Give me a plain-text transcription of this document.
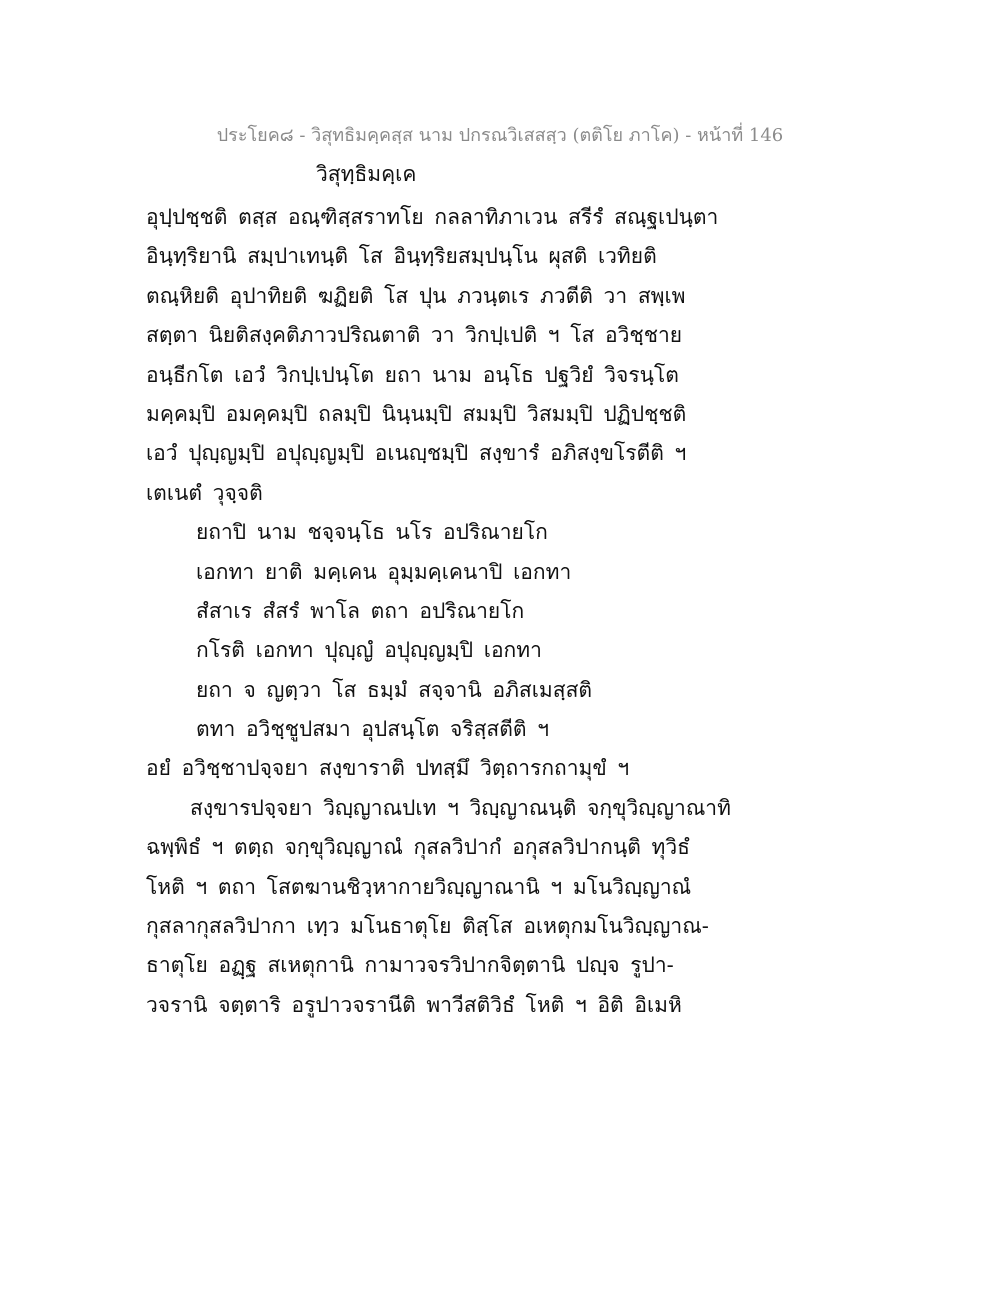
ประโยค๘ - วิสุทธิมคฺคสฺส นาม ปกรณวิเสสสฺว (ตติโย ภาโค) - หน้าที่ 146
วิสุทฺธิมคฺเค
อุปฺปชฺชติ ตสฺส อณฺฑิสฺสราทโย กลลาทิภาเวน สรีรํ สณฺฐเปนฺตา
อินฺทฺริยานิ สมฺปาเทนฺติ โส อินฺทฺริยสมฺปนฺโน ผุสติ เวทิยติ
ตณฺหิยติ อุปาทิยติ ฆฏิยติ โส ปุน ภวนฺตเร ภวตีติ วา สพฺเพ
สตฺตา นิยติสงฺคติภาวปริณตาติ วา วิกปฺเปติ ฯ โส อวิชฺชาย
อนฺธีกโต เอวํ วิกปฺเปนฺโต ยถา นาม อนฺโธ ปฐวิยํ วิจรนฺโต
มคฺคมฺปิ อมคฺคมฺปิ ถลมฺปิ นินฺนมฺปิ สมมฺปิ วิสมมฺปิ ปฏิปชฺชติ
เอวํ ปุญฺญมฺปิ อปุญฺญมฺปิ อเนญฺชมฺปิ สงฺขารํ อภิสงฺขโรตีติ ฯ
เตเนตํ วุจฺจติ
ยถาปิ นาม ชจฺจนฺโธ นโร อปริณายโก
เอกทา ยาติ มคฺเคน อุมฺมคฺเคนาปิ เอกทา
สํสาเร สํสรํ พาโล ตถา อปริณายโก
กโรติ เอกทา ปุญฺญํ อปุญฺญมฺปิ เอกทา
ยถา จ ญตฺวา โส ธมฺมํ สจฺจานิ อภิสเมสฺสติ
ตทา อวิชฺชูปสมา อุปสนฺโต จริสฺสตีติ ฯ
อยํ อวิชฺชาปจฺจยา สงฺขาราติ ปทสฺมึ วิตฺถารกถามุขํ ฯ
สงฺขารปจฺจยา วิญฺญาณปเท ฯ วิญฺญาณนฺติ จกฺขุวิญฺญาณาทิ
ฉพฺพิธํ ฯ ตตฺถ จกฺขุวิญฺญาณํ กุสลวิปากํ อกุสลวิปากนฺติ ทุวิธํ
โหติ ฯ ตถา โสตฆานชิวฺหากายวิญฺญาณานิ ฯ มโนวิญฺญาณํ
กุสลากุสลวิปากา เทฺว มโนธาตุโย ติสฺโส อเหตุกมโนวิญฺญาณ-
ธาตุโย อฏฺฐ สเหตุกานิ กามาวจรวิปากจิตฺตานิ ปญฺจ รูปา-
วจรานิ จตฺตาริ อรูปาวจรานีติ พาวีสติวิธํ โหติ ฯ อิติ อิเมหิ
